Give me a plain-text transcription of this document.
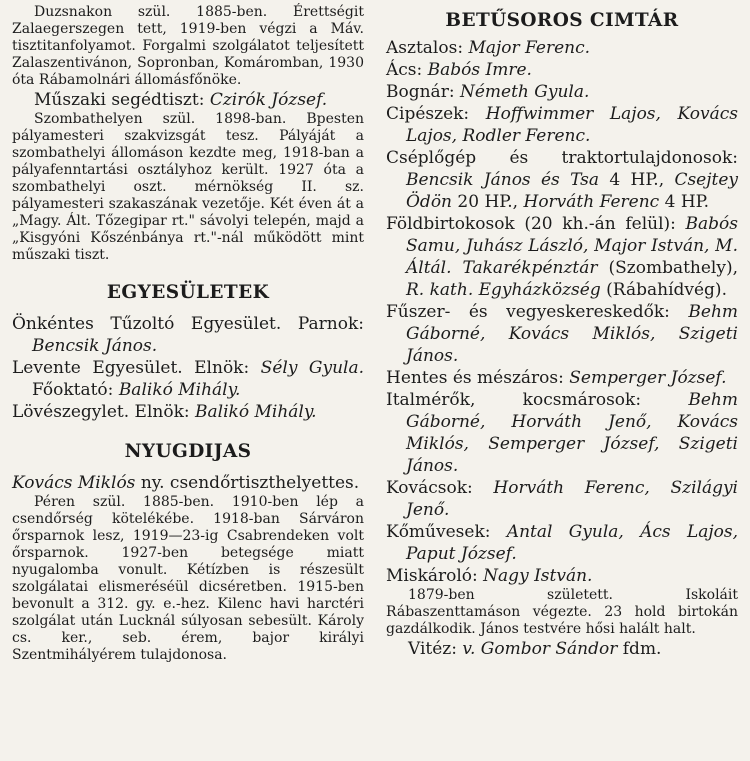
Duzsnakon szül. 1885-ben. Érettségit Zalaegerszegen tett, 1919-ben végzi a Máv. tisztitanfolyamot. Forgalmi szolgálatot teljesített Zalaszentivánon, Sopronban, Komáromban, 1930 óta Rábamolnári állomásfőnöke.

Műszaki segédtiszt: Czirók József.

Szombathelyen szül. 1898-ban. Bpesten pályamesteri szakvizsgát tesz. Pályáját a szombathelyi állomáson kezdte meg, 1918-ban a pályafenntartási osztályhoz került. 1927 óta a szombathelyi oszt. mérnökség II. sz. pályamesteri szakaszának vezetője. Két éven át a „Magy. Ált. Tőzegipar rt." sávolyi telepén, majd a „Kisgyóni Kőszénbánya rt."-nál működött mint műszaki tiszt.

EGYESÜLETEK

Önkéntes Tűzoltó Egyesület. Parnok: Bencsik János.

Levente Egyesület. Elnök: Sély Gyula. Főoktató: Balikó Mihály.

Lövészegylet. Elnök: Balikó Mihály.

NYUGDIJAS

Kovács Miklós ny. csendőrtiszthelyettes.

Péren szül. 1885-ben. 1910-ben lép a csendőrség kötelékébe. 1918-ban Sárváron őrsparnok lesz, 1919—23-ig Csabrendeken volt őrsparnok. 1927-ben betegsége miatt nyugalomba vonult. Kétízben is részesült szolgálatai elismeréséül dicséretben. 1915-ben bevonult a 312. gy. e.-hez. Kilenc havi harctéri szolgálat után Lucknál súlyosan sebesült. Károly cs. ker., seb. érem, bajor királyi Szentmihályérem tulajdonosa.

BETŰSOROS CIMTÁR

Asztalos: Major Ferenc.

Ács: Babós Imre.

Bognár: Németh Gyula.

Cipészek: Hoffwimmer Lajos, Kovács Lajos, Rodler Ferenc.

Cséplőgép és traktortulajdonosok: Bencsik János és Tsa 4 HP., Csejtey Ödön 20 HP., Horváth Ferenc 4 HP.

Földbirtokosok (20 kh.-án felül): Babós Samu, Juhász László, Major István, M. Áltál. Takarékpénztár (Szombathely), R. kath. Egyházközség (Rábahídvég).

Fűszer- és vegyeskereskedők: Behm Gáborné, Kovács Miklós, Szigeti János.

Hentes és mészáros: Semperger József.

Italmérők, kocsmárosok:	Behm Gáborné, Horváth Jenő, Kovács Miklós, Semperger József, Szigeti János.

Kovácsok: Horváth Ferenc, Szilágyi Jenő.

Kőművesek: Antal Gyula, Ács Lajos, Paput József.

Miskároló: Nagy István.

1879-ben született. Iskoláit Rábaszenttamáson végezte. 23 hold birtokán gazdálkodik. János testvére hősi halált halt.

Vitéz: v. Gombor Sándor fdm.
